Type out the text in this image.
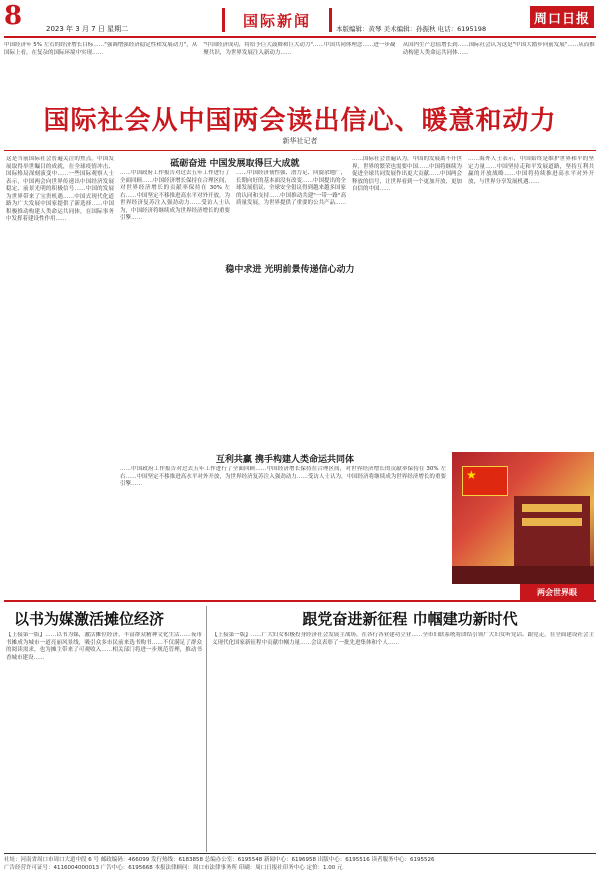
8	2023 年 3 月 7 日 星期二	国际新闻	本版编辑：黄琴 美术编辑：孙振秋 电话：6195198
周口日报
中国经济年 5% 左右的经济增长目标……"强调增强经济稳定性和发展动力"，从国际上看，在复杂的国际环境中实现……
"中国经济成功，将给予巨大鼓舞和巨大动力"……中国共同体理念……进一步凝聚共识，为世界发展注入新动力……
从国内生产总值增长到……国际社会认为这是"中国大踏步向前发展"……从而推动构建人类命运共同体……
国际社会从中国两会读出信心、暖意和动力
新华社记者
这是当前国际社会普遍关注的焦点。中国发展取得举世瞩目的成就，在全球疫情冲击、国际格局深刻演变中……一些国际观察人士表示，中国两会向世界传递出中国经济发展稳定、前景光明的积极信号……中国的发展为世界带来了宝贵机遇……中国式现代化道路为广大发展中国家提供了新选择……中国积极推动构建人类命运共同体，在国际事务中发挥着建设性作用……
砥砺奋进 中国发展取得巨大成就
……中国政府工作报告对过去五年工作进行了全面回顾……中国经济增长保持在合理区间，对世界经济增长的贡献率保持在 30% 左右……中国坚定不移推进高水平对外开放，为世界经济复苏注入强劲动力……受访人士认为，中国经济将继续成为世界经济增长的重要引擎……
……中国经济韧性强、潜力足、回旋余地广，长期向好的基本面没有改变……中国提出的全球发展倡议、全球安全倡议得到越来越多国家的认同和支持……中国推动共建"一带一路"高质量发展，为世界提供了重要的公共产品……
稳中求进 光明前景传递信心动力
……国际社会普遍认为，中国的发展离不开世界，世界的繁荣也需要中国……中国将继续为促进全球共同发展作出更大贡献……中国两会释放的信号，让世界看到一个更加开放、更加自信的中国……
……海外人士表示，中国始终是维护世界和平的坚定力量……中国坚持走和平发展道路，坚持互利共赢的开放战略……中国将持续推进高水平对外开放，与世界分享发展机遇……
互利共赢 携手构建人类命运共同体
……中国政府工作报告对过去五年工作进行了全面回顾……中国经济增长保持在合理区间，对世界经济增长的贡献率保持在 30% 左右……中国坚定不移推进高水平对外开放，为世界经济复苏注入强劲动力……受访人士认为，中国经济将继续成为世界经济增长的重要引擎……
★
两会世界眼
以书为媒激活摊位经济
【上接第一版】……以书为媒，激活摊位经济，丰富群众精神文化生活……夜市书摊成为城市一道亮丽风景线，吸引众多市民前来选书购书……不仅满足了群众的阅读需求，也为摊主带来了可观收入……相关部门将进一步规范管理，推动书香城市建设……
跟党奋进新征程 巾帼建功新时代
【上接第一版】……广大妇女积极投身经济社会发展主战场，在各行各业建功立业……全市妇联系统将团结引领广大妇女听党话、跟党走，在全面建设社会主义现代化国家新征程中贡献巾帼力量……会议表彰了一批先进集体和个人……
社址：河南省周口市周口大道中段 6 号 邮政编码：466099 发行热线：6183858 总编办公室：6195548 新闻中心：6196958 出版中心：6195516 读者服务中心：6195526
广告经营许可证号：4116004000013 广告中心：6195668 本报法律顾问：周口市法律事务所 印刷：周口日报社印务中心 定价：1.00 元
